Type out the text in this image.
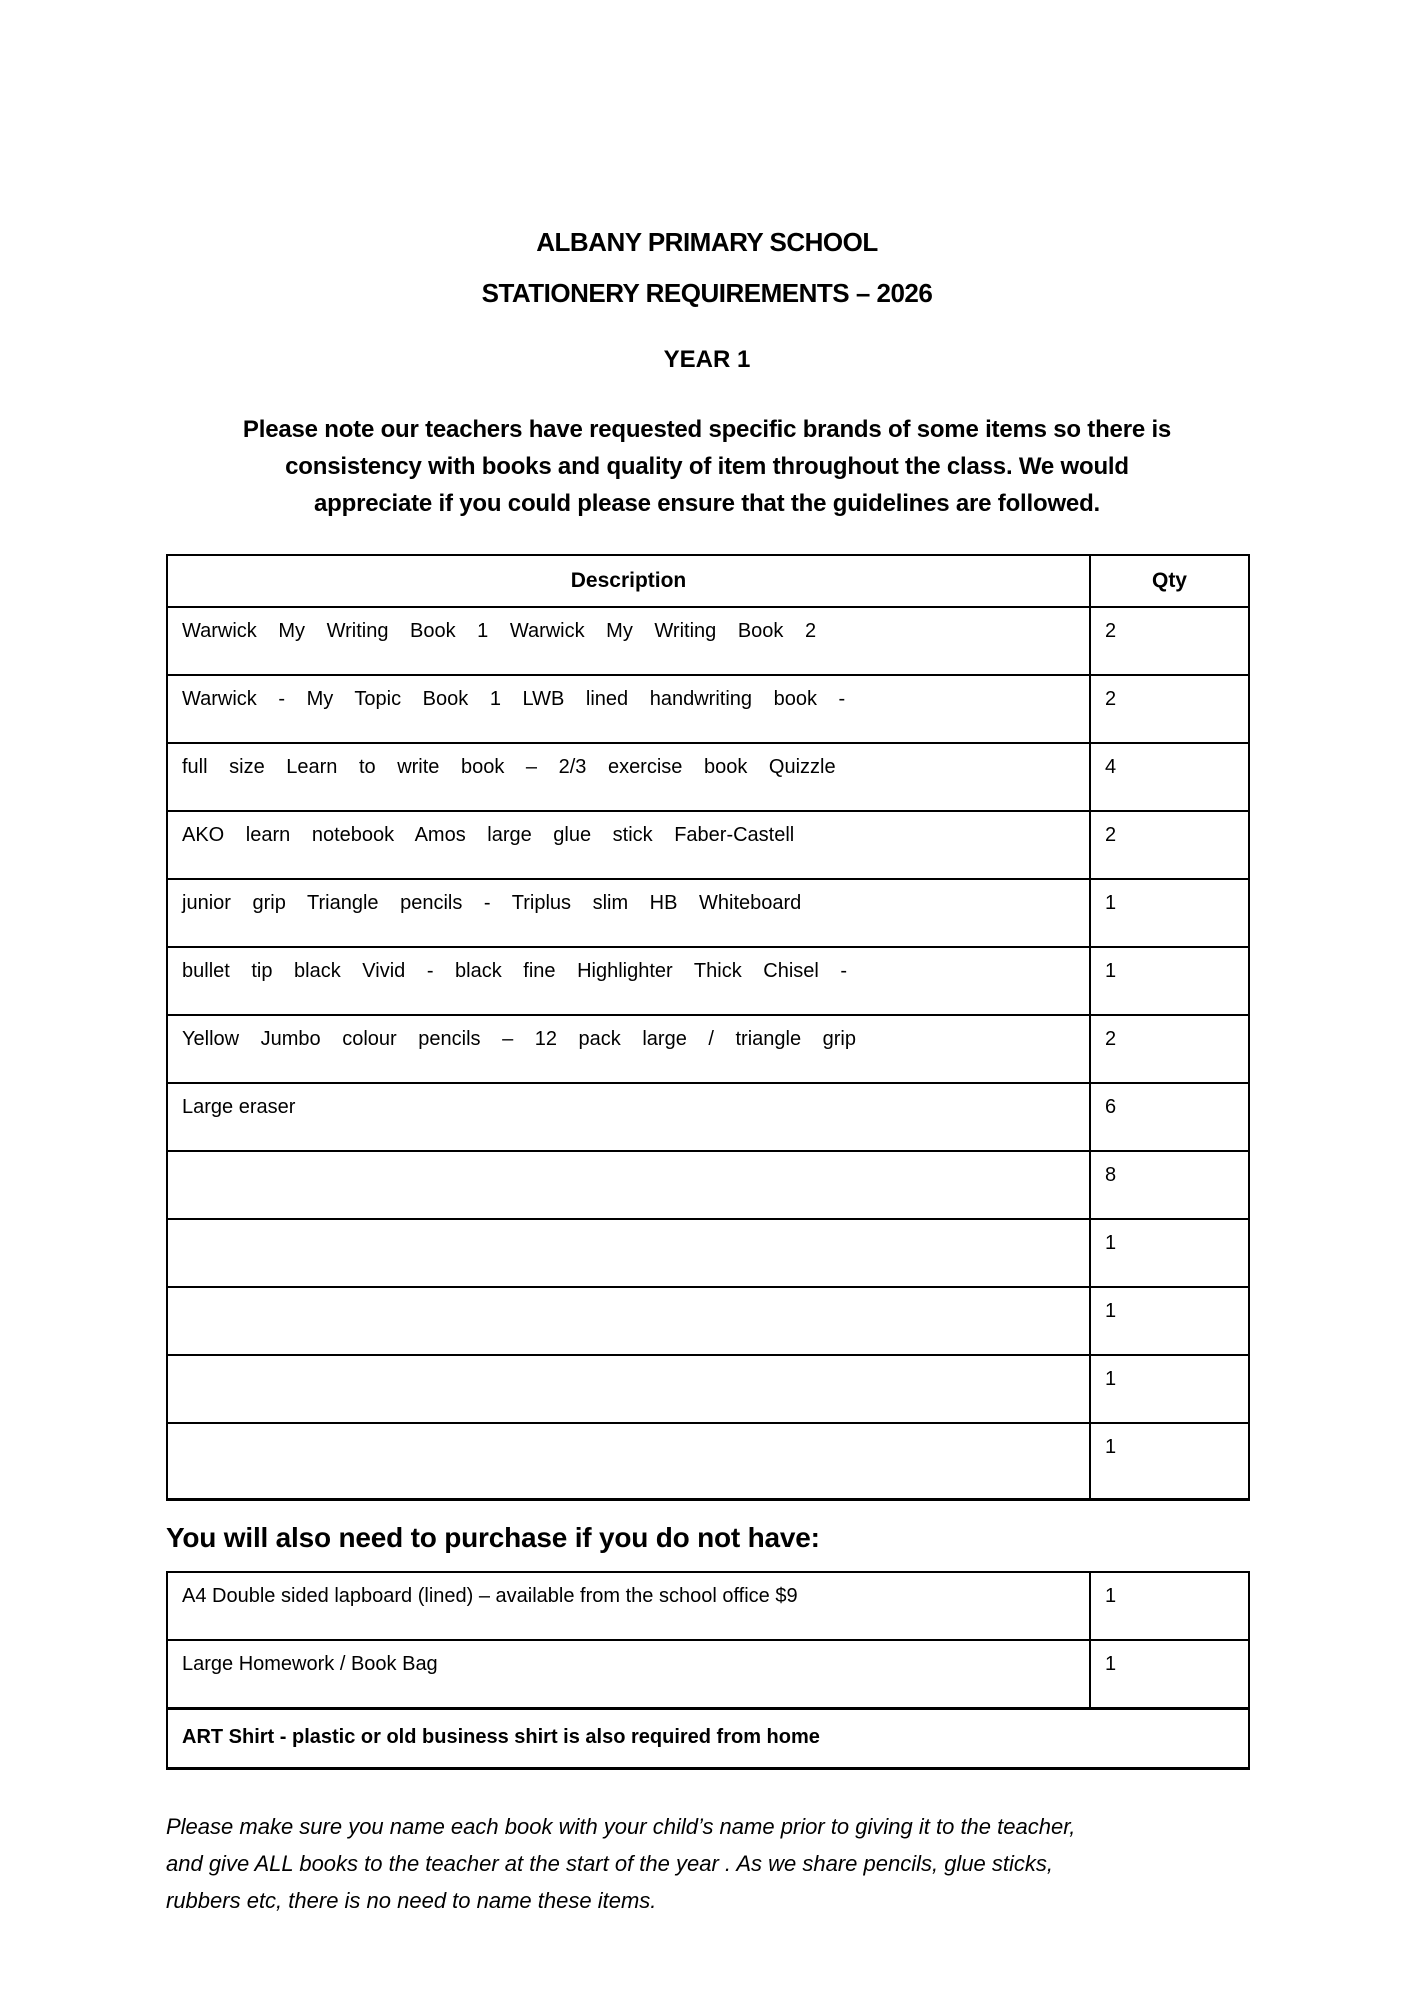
ALBANY PRIMARY SCHOOL
STATIONERY REQUIREMENTS – 2026
YEAR 1
Please note our teachers have requested specific brands of some items so there is
consistency with books and quality of item throughout the class. We would
appreciate if you could please ensure that the guidelines are followed.
Description	Qty
Warwick My Writing Book 1 Warwick My Writing Book 2	2
Warwick - My Topic Book 1 LWB lined handwriting book -	2
full size Learn to write book – 2/3 exercise book Quizzle	4
AKO learn notebook Amos large glue stick Faber-Castell	2
junior grip Triangle pencils - Triplus slim HB Whiteboard	1
bullet tip black Vivid - black fine Highlighter Thick Chisel -	1
Yellow Jumbo colour pencils – 12 pack large / triangle grip	2
Large eraser	6
	8
	1
	1
	1
	1
You will also need to purchase if you do not have:
A4 Double sided lapboard (lined) – available from the school office $9	1
Large Homework / Book Bag	1
ART Shirt - plastic or old business shirt is also required from home	
Please make sure you name each book with your child’s name prior to giving it to the teacher,
and give ALL books to the teacher at the start of the year . As we share pencils, glue sticks,
rubbers etc, there is no need to name these items.
